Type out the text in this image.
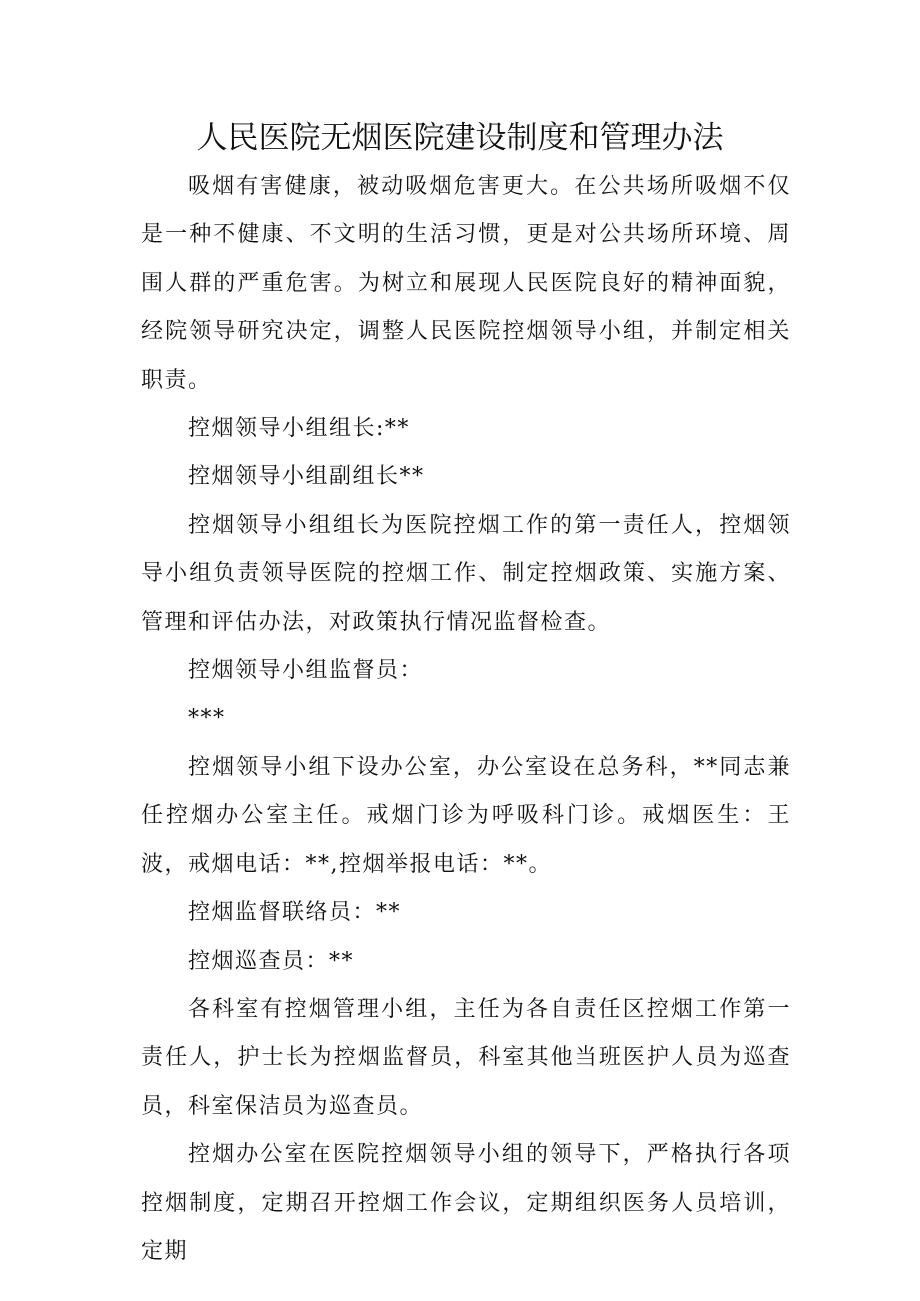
人民医院无烟医院建设制度和管理办法

吸烟有害健康，被动吸烟危害更大。在公共场所吸烟不仅是一种不健康、不文明的生活习惯，更是对公共场所环境、周围人群的严重危害。为树立和展现人民医院良好的精神面貌，经院领导研究决定，调整人民医院控烟领导小组，并制定相关职责。

控烟领导小组组长:**

控烟领导小组副组长**

控烟领导小组组长为医院控烟工作的第一责任人，控烟领导小组负责领导医院的控烟工作、制定控烟政策、实施方案、管理和评估办法，对政策执行情况监督检查。

控烟领导小组监督员：

***

控烟领导小组下设办公室，办公室设在总务科，**同志兼任控烟办公室主任。戒烟门诊为呼吸科门诊。戒烟医生：王波，戒烟电话：**,控烟举报电话：**。

控烟监督联络员：**

控烟巡查员：**

各科室有控烟管理小组，主任为各自责任区控烟工作第一责任人，护士长为控烟监督员，科室其他当班医护人员为巡查员，科室保洁员为巡查员。

控烟办公室在医院控烟领导小组的领导下，严格执行各项控烟制度，定期召开控烟工作会议，定期组织医务人员培训，定期
